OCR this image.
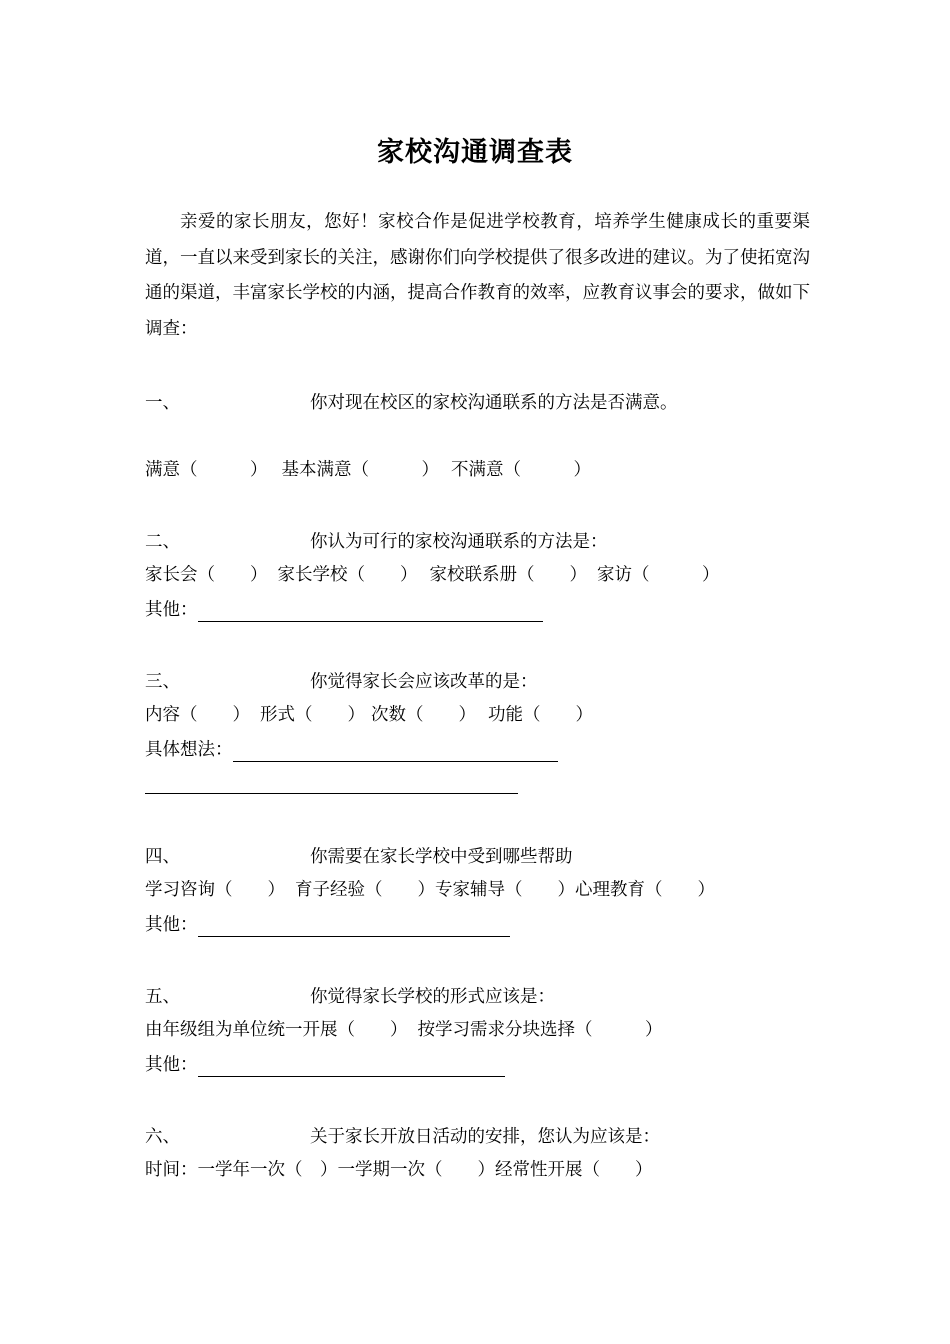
家校沟通调查表
亲爱的家长朋友，您好！家校合作是促进学校教育，培养学生健康成长的重要渠道，一直以来受到家长的关注，感谢你们向学校提供了很多改进的建议。为了使拓宽沟通的渠道，丰富家长学校的内涵，提高合作教育的效率，应教育议事会的要求，做如下调查：
一、	你对现在校区的家校沟通联系的方法是否满意。
满意（　　　） 基本满意（　　　） 不满意（　　　）
二、	你认为可行的家校沟通联系的方法是：
家长会（　　） 家长学校（　　） 家校联系册（　　） 家访（　　　）
其他：
三、	你觉得家长会应该改革的是：
内容（　　） 形式（　　） 次数（　　） 功能（　　）
具体想法：
四、	你需要在家长学校中受到哪些帮助
学习咨询（　　） 育子经验（　　）专家辅导（　　）心理教育（　　）
其他：
五、	你觉得家长学校的形式应该是：
由年级组为单位统一开展（　　） 按学习需求分块选择（　　　）
其他：
六、	关于家长开放日活动的安排，您认为应该是：
时间：一学年一次（　）一学期一次（　　）经常性开展（　　）
